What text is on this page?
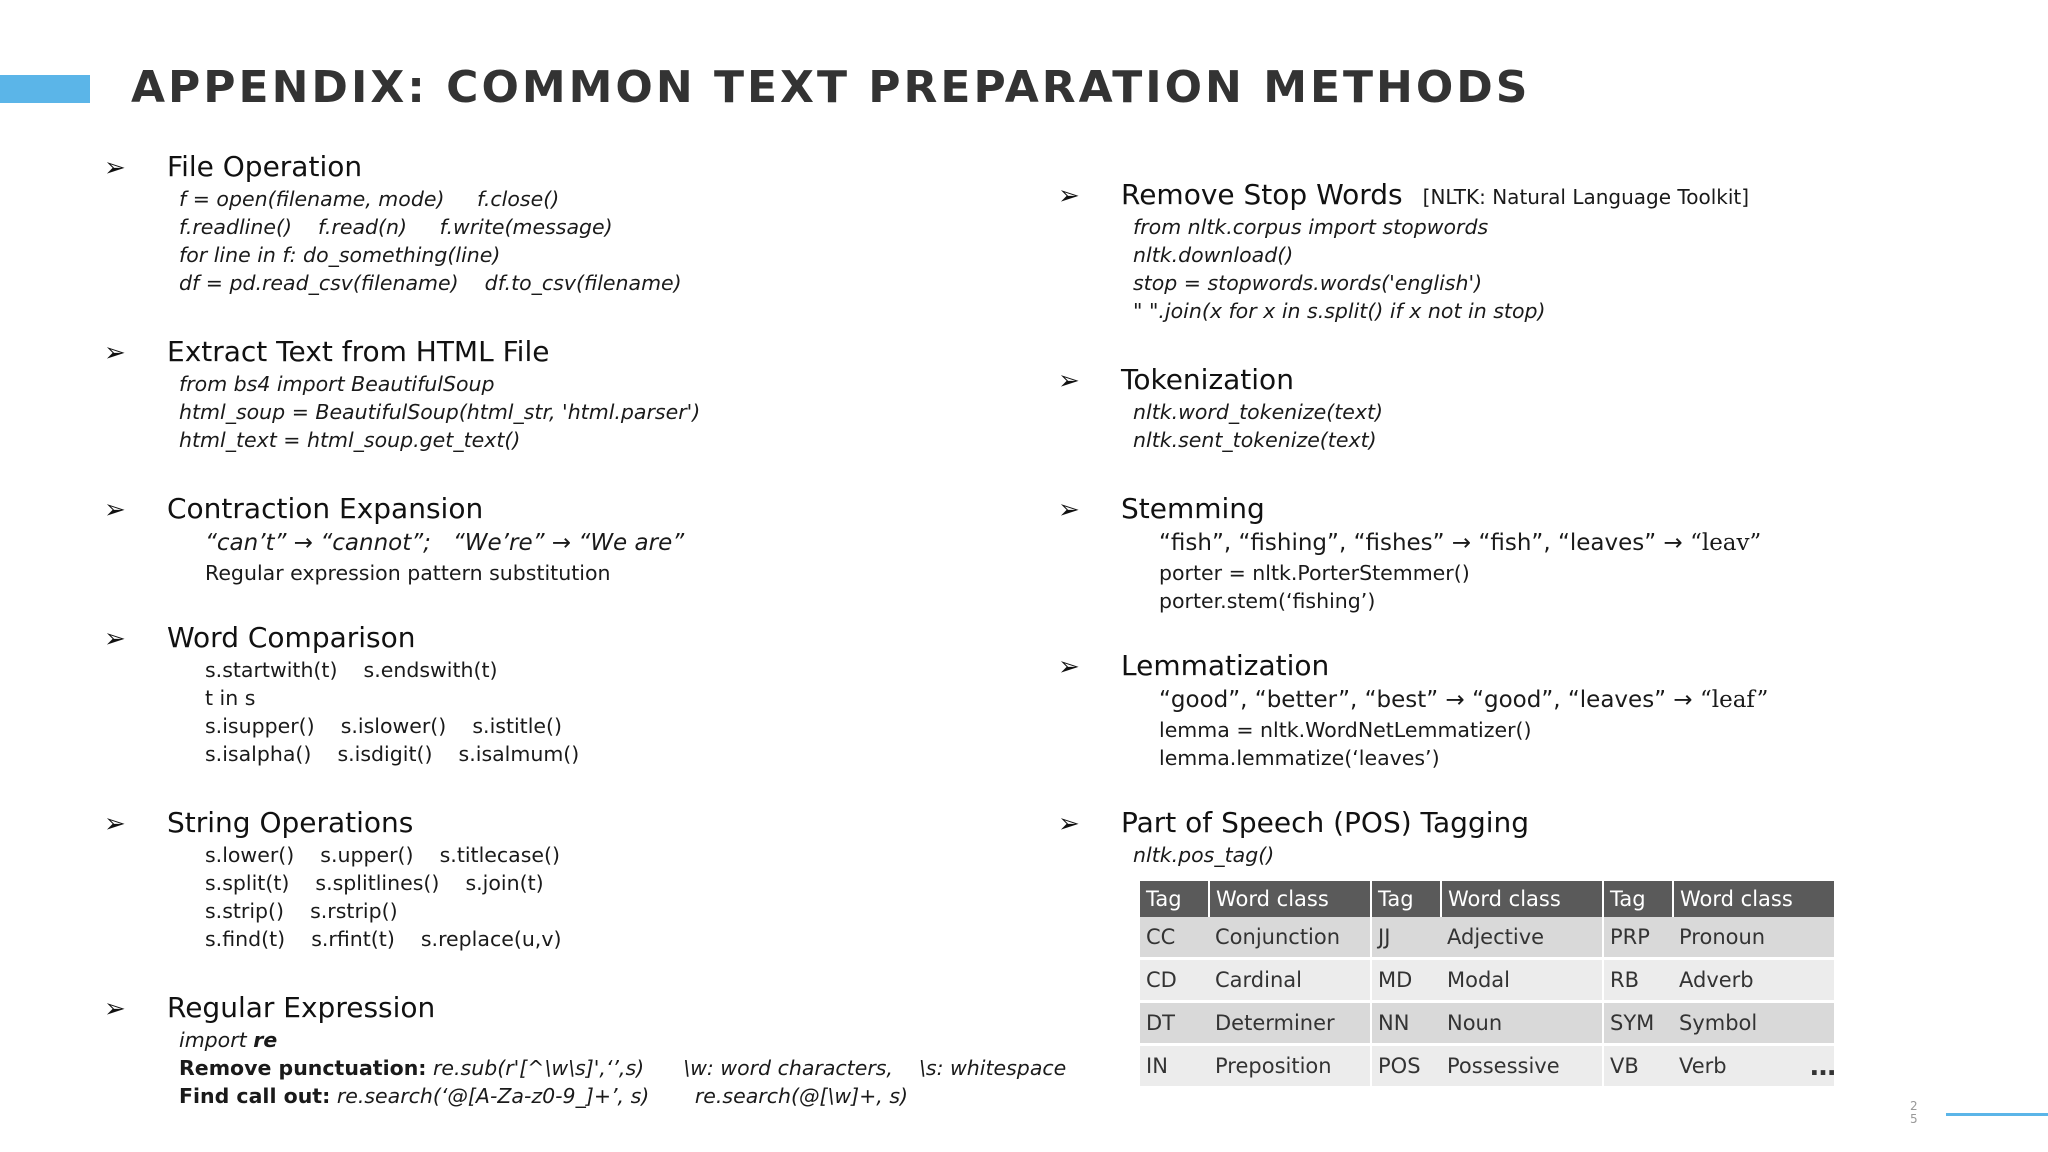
APPENDIX: COMMON TEXT PREPARATION METHODS
➢	File Operation
f = open(filename, mode)     f.close()
f.readline()    f.read(n)     f.write(message)
for line in f: do_something(line)
df = pd.read_csv(filename)    df.to_csv(filename)
➢	Extract Text from HTML File
from bs4 import BeautifulSoup
html_soup = BeautifulSoup(html_str, 'html.parser')
html_text = html_soup.get_text()
➢	Contraction Expansion
“can’t” → “cannot”;   “We’re” → “We are”
Regular expression pattern substitution
➢	Word Comparison
s.startwith(t)    s.endswith(t)
t in s
s.isupper()    s.islower()    s.istitle()
s.isalpha()    s.isdigit()    s.isalmum()
➢	String Operations
s.lower()    s.upper()    s.titlecase()
s.split(t)    s.splitlines()    s.join(t)
s.strip()    s.rstrip()
s.find(t)    s.rfint(t)    s.replace(u,v)
➢	Regular Expression
import re
Remove punctuation: re.sub(r'[^\w\s]',‘’,s)      \w: word characters,    \s: whitespace
Find call out: re.search(‘@[A-Za-z0-9_]+’, s)       re.search(@[\w]+, s)
➢	Remove Stop Words [NLTK: Natural Language Toolkit]
from nltk.corpus import stopwords
nltk.download()
stop = stopwords.words('english')
" ".join(x for x in s.split() if x not in stop)
➢	Tokenization
nltk.word_tokenize(text)
nltk.sent_tokenize(text)
➢	Stemming
“fish”, “fishing”, “fishes” → “fish”, “leaves” → “leav”
porter = nltk.PorterStemmer()
porter.stem(‘fishing’)
➢	Lemmatization
“good”, “better”, “best” → “good”, “leaves” → “leaf”
lemma = nltk.WordNetLemmatizer()
lemma.lemmatize(‘leaves’)
➢	Part of Speech (POS) Tagging
nltk.pos_tag()
Tag	Word class	Tag	Word class	Tag	Word class
CC	Conjunction	JJ	Adjective	PRP	Pronoun
CD	Cardinal	MD	Modal	RB	Adverb
DT	Determiner	NN	Noun	SYM	Symbol
IN	Preposition	POS	Possessive	VB	Verb	…
25
